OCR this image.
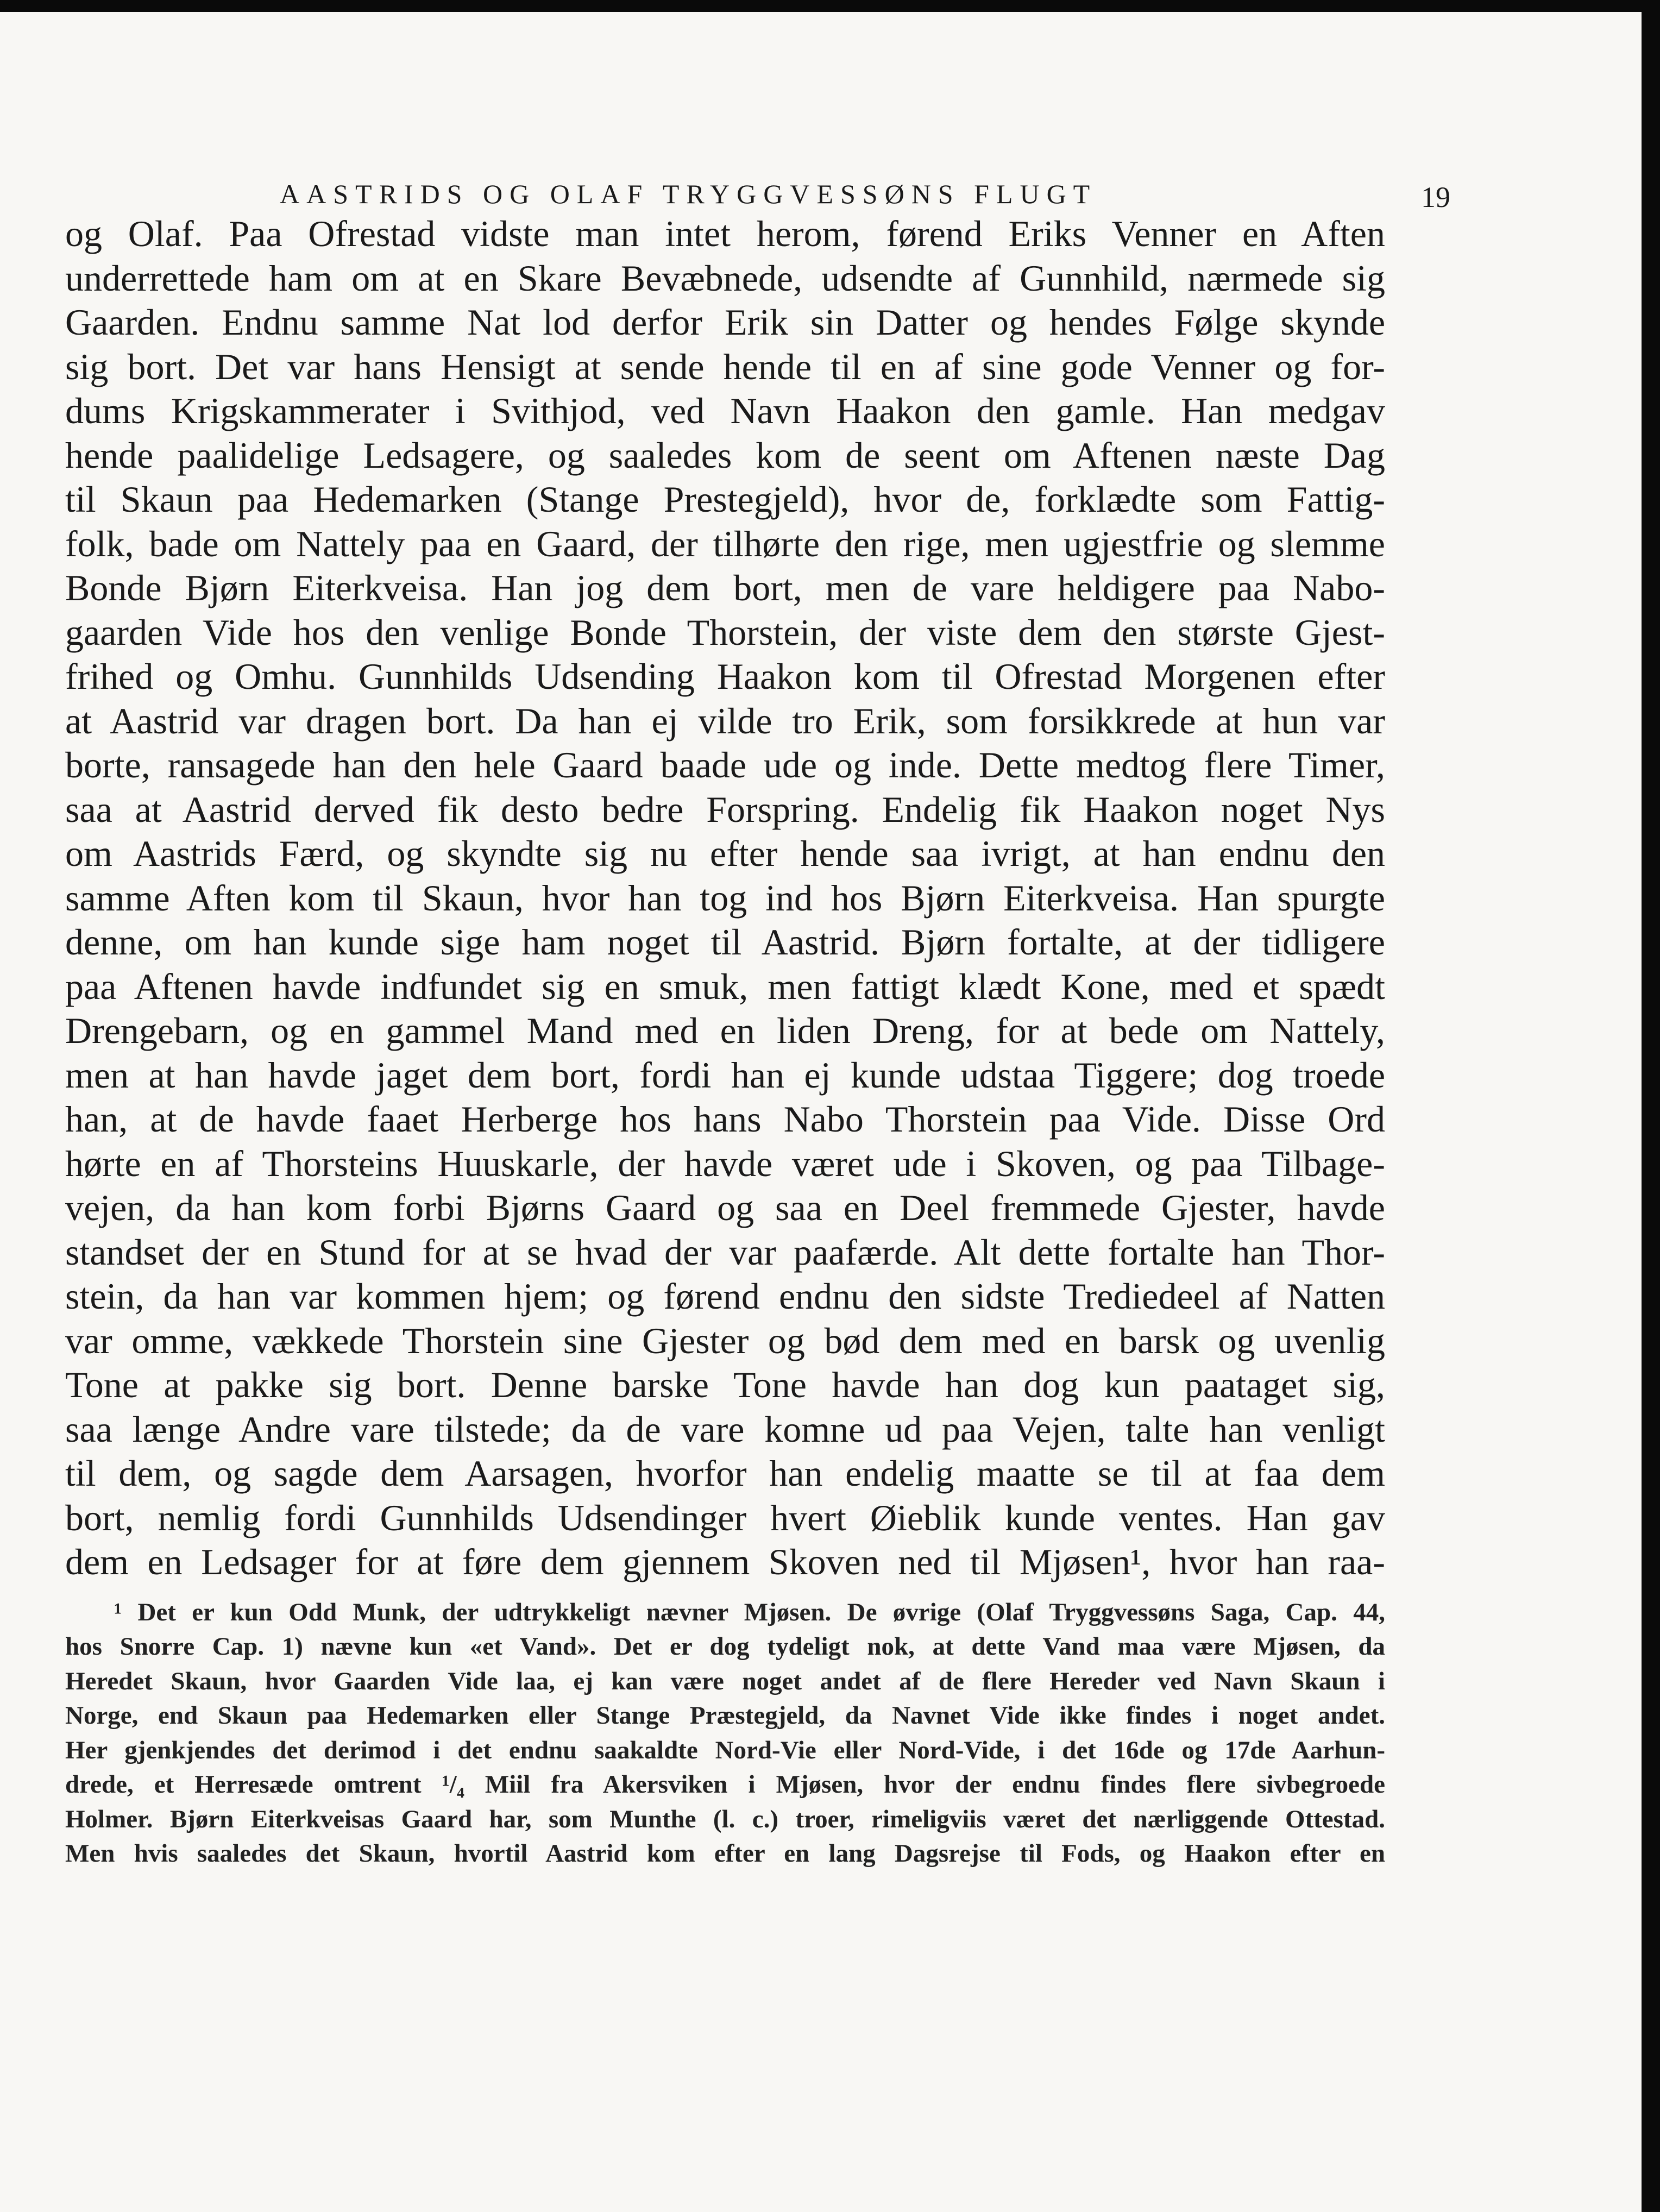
AASTRIDS OG OLAF TRYGGVESSØNS FLUGT	19

og Olaf. Paa Ofrestad vidste man intet herom, førend Eriks Venner en Aften
underrettede ham om at en Skare Bevæbnede, udsendte af Gunnhild, nærmede sig
Gaarden. Endnu samme Nat lod derfor Erik sin Datter og hendes Følge skynde
sig bort. Det var hans Hensigt at sende hende til en af sine gode Venner og for-
dums Krigskammerater i Svithjod, ved Navn Haakon den gamle. Han medgav
hende paalidelige Ledsagere, og saaledes kom de seent om Aftenen næste Dag
til Skaun paa Hedemarken (Stange Prestegjeld), hvor de, forklædte som Fattig-
folk, bade om Nattely paa en Gaard, der tilhørte den rige, men ugjestfrie og slemme
Bonde Bjørn Eiterkveisa. Han jog dem bort, men de vare heldigere paa Nabo-
gaarden Vide hos den venlige Bonde Thorstein, der viste dem den største Gjest-
frihed og Omhu. Gunnhilds Udsending Haakon kom til Ofrestad Morgenen efter
at Aastrid var dragen bort. Da han ej vilde tro Erik, som forsikkrede at hun var
borte, ransagede han den hele Gaard baade ude og inde. Dette medtog flere Timer,
saa at Aastrid derved fik desto bedre Forspring. Endelig fik Haakon noget Nys
om Aastrids Færd, og skyndte sig nu efter hende saa ivrigt, at han endnu den
samme Aften kom til Skaun, hvor han tog ind hos Bjørn Eiterkveisa. Han spurgte
denne, om han kunde sige ham noget til Aastrid. Bjørn fortalte, at der tidligere
paa Aftenen havde indfundet sig en smuk, men fattigt klædt Kone, med et spædt
Drengebarn, og en gammel Mand med en liden Dreng, for at bede om Nattely,
men at han havde jaget dem bort, fordi han ej kunde udstaa Tiggere; dog troede
han, at de havde faaet Herberge hos hans Nabo Thorstein paa Vide. Disse Ord
hørte en af Thorsteins Huuskarle, der havde været ude i Skoven, og paa Tilbage-
vejen, da han kom forbi Bjørns Gaard og saa en Deel fremmede Gjester, havde
standset der en Stund for at se hvad der var paafærde. Alt dette fortalte han Thor-
stein, da han var kommen hjem; og førend endnu den sidste Trediedeel af Natten
var omme, vækkede Thorstein sine Gjester og bød dem med en barsk og uvenlig
Tone at pakke sig bort. Denne barske Tone havde han dog kun paataget sig,
saa længe Andre vare tilstede; da de vare komne ud paa Vejen, talte han venligt
til dem, og sagde dem Aarsagen, hvorfor han endelig maatte se til at faa dem
bort, nemlig fordi Gunnhilds Udsendinger hvert Øieblik kunde ventes. Han gav
dem en Ledsager for at føre dem gjennem Skoven ned til Mjøsen¹, hvor han raa-

¹ Det er kun Odd Munk, der udtrykkeligt nævner Mjøsen. De øvrige (Olaf Tryggvessøns Saga, Cap. 44,
hos Snorre Cap. 1) nævne kun «et Vand». Det er dog tydeligt nok, at dette Vand maa være Mjøsen, da
Heredet Skaun, hvor Gaarden Vide laa, ej kan være noget andet af de flere Hereder ved Navn Skaun i
Norge, end Skaun paa Hedemarken eller Stange Præstegjeld, da Navnet Vide ikke findes i noget andet.
Her gjenkjendes det derimod i det endnu saakaldte Nord-Vie eller Nord-Vide, i det 16de og 17de Aarhun-
drede, et Herresæde omtrent ¹/₄ Miil fra Akersviken i Mjøsen, hvor der endnu findes flere sivbegroede
Holmer. Bjørn Eiterkveisas Gaard har, som Munthe (l. c.) troer, rimeligviis været det nærliggende Ottestad.
Men hvis saaledes det Skaun, hvortil Aastrid kom efter en lang Dagsrejse til Fods, og Haakon efter en
